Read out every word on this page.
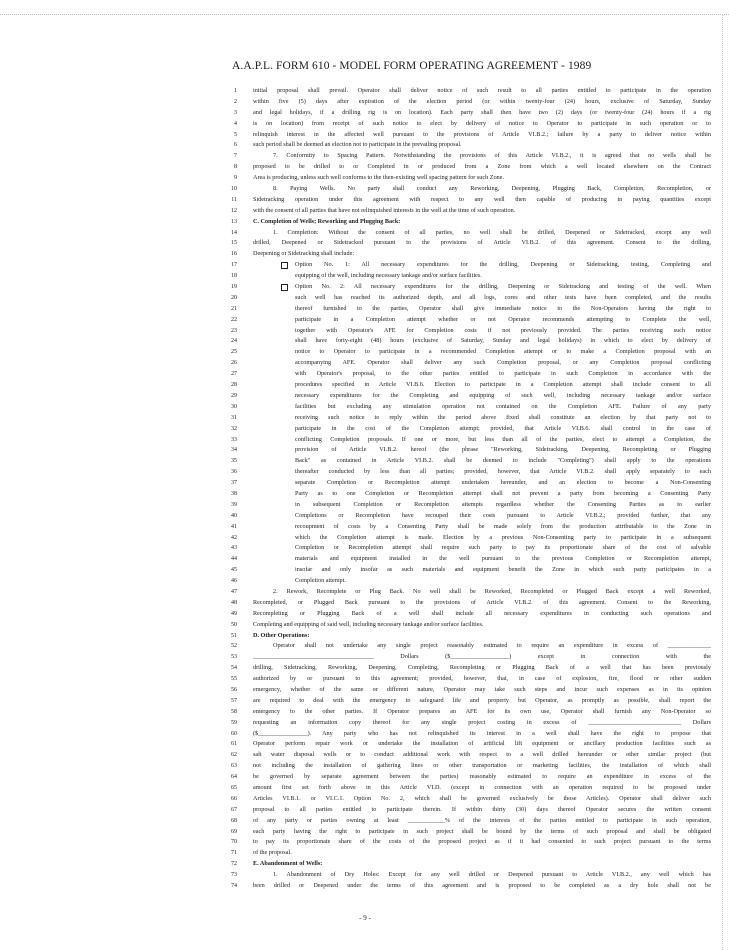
A.A.P.L. FORM 610 - MODEL FORM OPERATING AGREEMENT - 1989
1	initial proposal shall prevail. Operator shall deliver notice of such result to all parties entitled to participate in the operation
2	within five (5) days after expiration of the election period (or within twenty-four (24) hours, exclusive of Saturday, Sunday
3	and legal holidays, if a drilling rig is on location). Each party shall then have two (2) days (or twenty-four (24) hours if a rig
4	is on location) from receipt of such notice to elect by delivery of notice to Operator to participate in such operation or to
5	relinquish interest in the affected well pursuant to the provisions of Article VI.B.2.; failure by a party to deliver notice within
6	such period shall be deemed an election not to participate in the prevailing proposal.
7	7. Conformity to Spacing Pattern. Notwithstanding the provisions of this Article VI.B.2., it is agreed that no wells shall be
8	proposed to be drilled to or Completed in or produced from a Zone from which a well located elsewhere on the Contract
9	Area is producing, unless such well conforms to the then-existing well spacing pattern for such Zone.
10	8. Paying Wells. No party shall conduct any Reworking, Deepening, Plugging Back, Completion, Recompletion, or
11	Sidetracking operation under this agreement with respect to any well then capable of producing in paying quantities except
12	with the consent of all parties that have not relinquished interests in the well at the time of such operation.
13	C. Completion of Wells; Reworking and Plugging Back:
14	1. Completion: Without the consent of all parties, no well shall be drilled, Deepened or Sidetracked, except any well
15	drilled, Deepened or Sidetracked pursuant to the provisions of Article VI.B.2. of this agreement. Consent to the drilling,
16	Deepening or Sidetracking shall include:
17	Option No. 1: All necessary expenditures for the drilling, Deepening or Sidetracking, testing, Completing and
18	equipping of the well, including necessary tankage and/or surface facilities.
19	Option No. 2: All necessary expenditures for the drilling, Deepening or Sidetracking and testing of the well. When
20	such well has reached its authorized depth, and all logs, cores and other tests have been completed, and the results
21	thereof furnished to the parties, Operator shall give immediate notice to the Non-Operators having the right to
22	participate in a Completion attempt whether or not Operator recommends attempting to Complete the well,
23	together with Operator's AFE for Completion costs if not previously provided. The parties receiving such notice
24	shall have forty-eight (48) hours (exclusive of Saturday, Sunday and legal holidays) in which to elect by delivery of
25	notice to Operator to participate in a recommended Completion attempt or to make a Completion proposal with an
26	accompanying AFE. Operator shall deliver any such Completion proposal, or any Completion proposal conflicting
27	with Operator's proposal, to the other parties entitled to participate in such Completion in accordance with the
28	procedures specified in Article VI.B.6. Election to participate in a Completion attempt shall include consent to all
29	necessary expenditures for the Completing and equipping of such well, including necessary tankage and/or surface
30	facilities but excluding any stimulation operation not contained on the Completion AFE. Failure of any party
31	receiving such notice to reply within the period above fixed shall constitute an election by that party not to
32	participate in the cost of the Completion attempt; provided, that Article VI.B.6. shall control in the case of
33	conflicting Completion proposals. If one or more, but less than all of the parties, elect to attempt a Completion, the
34	provision of Article VI.B.2. hereof (the phrase "Reworking, Sidetracking, Deepening, Recompleting or Plugging
35	Back" as contained in Article VI.B.2. shall be deemed to include "Completing") shall apply to the operations
36	thereafter conducted by less than all parties; provided, however, that Article VI.B.2. shall apply separately to each
37	separate Completion or Recompletion attempt undertaken hereunder, and an election to become a Non-Consenting
38	Party as to one Completion or Recompletion attempt shall not prevent a party from becoming a Consenting Party
39	in subsequent Completion or Recompletion attempts regardless whether the Consenting Parties as to earlier
40	Completions or Recompletion have recouped their costs pursuant to Article VI.B.2.; provided further, that any
41	recoupment of costs by a Consenting Party shall be made solely from the production attributable to the Zone in
42	which the Completion attempt is made. Election by a previous Non-Consenting party to participate in a subsequent
43	Completion or Recompletion attempt shall require such party to pay its proportionate share of the cost of salvable
44	materials and equipment installed in the well pursuant to the previous Completion or Recompletion attempt,
45	insofar and only insofar as such materials and equipment benefit the Zone in which such party participates in a
46	Completion attempt.
47	2. Rework, Recomplete or Plug Back. No well shall be Reworked, Recompleted or Plugged Back except a well Reworked,
48	Recompleted, or Plugged Back pursuant to the provisions of Article VI.B.2. of this agreement. Consent to the Reworking,
49	Recompleting or Plugging Back of a well shall include all necessary expenditures in conducting such operations and
50	Completing and equipping of said well, including necessary tankage and/or surface facilities.
51	D. Other Operations:
52	Operator shall not undertake any single project reasonably estimated to require an expenditure in excess of ______________
53	_______________________________________ Dollars ($___________________) except in connection with the
54	drilling, Sidetracking, Reworking, Deepening, Completing, Recompleting or Plugging Back of a well that has been previously
55	authorized by or pursuant to this agreement; provided, however, that, in case of explosion, fire, flood or other sudden
56	emergency, whether of the same or different nature, Operator may take such steps and incur such expenses as in its opinion
57	are required to deal with the emergency to safeguard life and property but Operator, as promptly as possible, shall report the
58	emergency to the other parties. If Operator prepares an AFE for its own use, Operator shall furnish any Non-Operator so
59	requesting an information copy thereof for any single project costing in excess of ______________________________ Dollars
60	($________________). Any party who has not relinquished its interest in a well shall have the right to propose that
61	Operator perform repair work or undertake the installation of artificial lift equipment or ancillary production facilities such as
62	salt water disposal wells or to conduct additional work with respect to a well drilled hereunder or other similar project (but
63	not including the installation of gathering lines or other transportation or marketing facilities, the installation of which shall
64	be governed by separate agreement between the parties) reasonably estimated to require an expenditure in excess of the
65	amount first set forth above in this Article VI.D. (except in connection with an operation required to be proposed under
66	Articles VI.B.1. or VI.C.1. Option No. 2, which shall be governed exclusively be those Articles). Operator shall deliver such
67	proposal to all parties entitled to participate therein. If within thirty (30) days thereof Operator secures the written consent
68	of any party or parties owning at least ____________% of the interests of the parties entitled to participate in such operation,
69	each party having the right to participate in such project shall be bound by the terms of such proposal and shall be obligated
70	to pay its proportionate share of the costs of the proposed project as if it had consented to such project pursuant to the terms
71	of the proposal.
72	E. Abandonment of Wells:
73	1. Abandonment of Dry Holes: Except for any well drilled or Deepened pursuant to Article VI.B.2., any well which has
74	been drilled or Deepened under the terms of this agreement and is proposed to be completed as a dry hole shall not be
- 9 -
